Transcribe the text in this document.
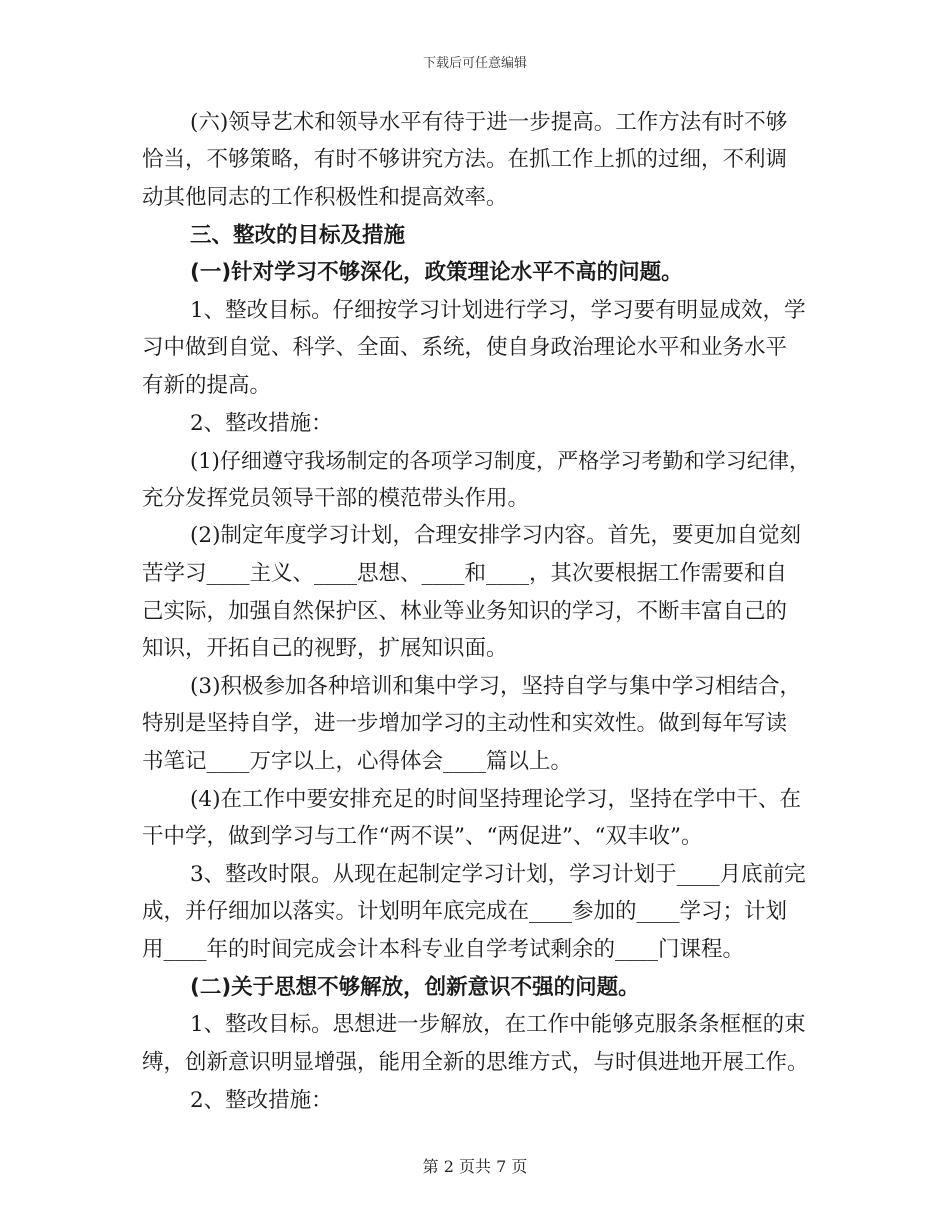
下载后可任意编辑
(六)领导艺术和领导水平有待于进一步提高。工作方法有时不够
恰当，不够策略，有时不够讲究方法。在抓工作上抓的过细，不利调
动其他同志的工作积极性和提高效率。
三、整改的目标及措施
(一)针对学习不够深化，政策理论水平不高的问题。
1、整改目标。仔细按学习计划进行学习，学习要有明显成效，学
习中做到自觉、科学、全面、系统，使自身政治理论水平和业务水平
有新的提高。
2、整改措施：
(1)仔细遵守我场制定的各项学习制度，严格学习考勤和学习纪律，
充分发挥党员领导干部的模范带头作用。
(2)制定年度学习计划，合理安排学习内容。首先，要更加自觉刻
苦学习____主义、____思想、____和____，其次要根据工作需要和自
己实际，加强自然保护区、林业等业务知识的学习，不断丰富自己的
知识，开拓自己的视野，扩展知识面。
(3)积极参加各种培训和集中学习，坚持自学与集中学习相结合，
特别是坚持自学，进一步增加学习的主动性和实效性。做到每年写读
书笔记____万字以上，心得体会____篇以上。
(4)在工作中要安排充足的时间坚持理论学习，坚持在学中干、在
干中学，做到学习与工作“两不误”、“两促进”、“双丰收”。
3、整改时限。从现在起制定学习计划，学习计划于____月底前完
成，并仔细加以落实。计划明年底完成在____参加的____学习；计划
用____年的时间完成会计本科专业自学考试剩余的____门课程。
(二)关于思想不够解放，创新意识不强的问题。
1、整改目标。思想进一步解放，在工作中能够克服条条框框的束
缚，创新意识明显增强，能用全新的思维方式，与时俱进地开展工作。
2、整改措施：
第 2 页共 7 页
